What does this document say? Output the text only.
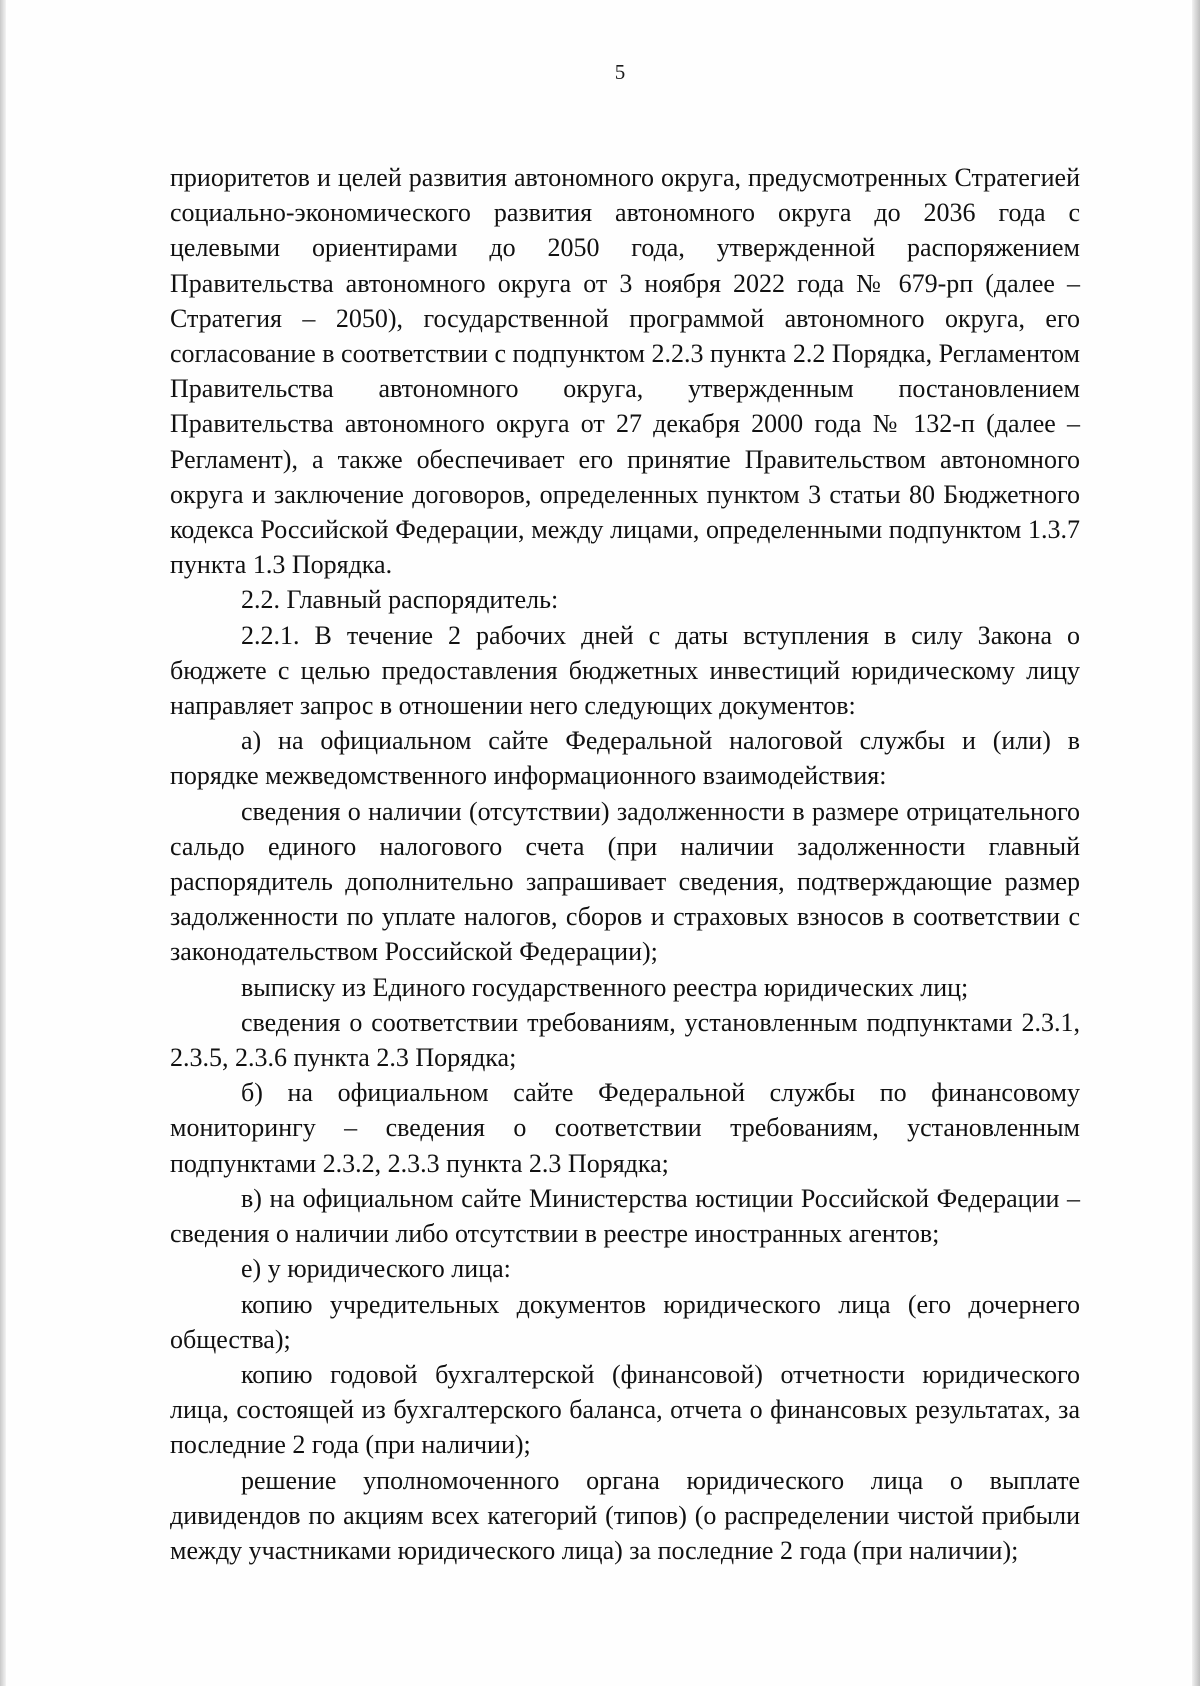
5

приоритетов и целей развития автономного округа, предусмотренных Стратегией социально-экономического развития автономного округа до 2036 года с целевыми ориентирами до 2050 года, утвержденной распоряжением Правительства автономного округа от 3 ноября 2022 года № 679-рп (далее – Стратегия – 2050), государственной программой автономного округа, его согласование в соответствии с подпунктом 2.2.3 пункта 2.2 Порядка, Регламентом Правительства автономного округа, утвержденным постановлением Правительства автономного округа от 27 декабря 2000 года № 132-п (далее – Регламент), а также обеспечивает его принятие Правительством автономного округа и заключение договоров, определенных пунктом 3 статьи 80 Бюджетного кодекса Российской Федерации, между лицами, определенными подпунктом 1.3.7 пункта 1.3 Порядка.

2.2. Главный распорядитель:

2.2.1. В течение 2 рабочих дней с даты вступления в силу Закона о бюджете с целью предоставления бюджетных инвестиций юридическому лицу направляет запрос в отношении него следующих документов:

а) на официальном сайте Федеральной налоговой службы и (или) в порядке межведомственного информационного взаимодействия:

сведения о наличии (отсутствии) задолженности в размере отрицательного сальдо единого налогового счета (при наличии задолженности главный распорядитель дополнительно запрашивает сведения, подтверждающие размер задолженности по уплате налогов, сборов и страховых взносов в соответствии с законодательством Российской Федерации);

выписку из Единого государственного реестра юридических лиц;

сведения о соответствии требованиям, установленным подпунктами 2.3.1, 2.3.5, 2.3.6 пункта 2.3 Порядка;

б) на официальном сайте Федеральной службы по финансовому мониторингу – сведения о соответствии требованиям, установленным подпунктами 2.3.2, 2.3.3 пункта 2.3 Порядка;

в) на официальном сайте Министерства юстиции Российской Федерации – сведения о наличии либо отсутствии в реестре иностранных агентов;

е) у юридического лица:

копию учредительных документов юридического лица (его дочернего общества);

копию годовой бухгалтерской (финансовой) отчетности юридического лица, состоящей из бухгалтерского баланса, отчета о финансовых результатах, за последние 2 года (при наличии);

решение уполномоченного органа юридического лица о выплате дивидендов по акциям всех категорий (типов) (о распределении чистой прибыли между участниками юридического лица) за последние 2 года (при наличии);
